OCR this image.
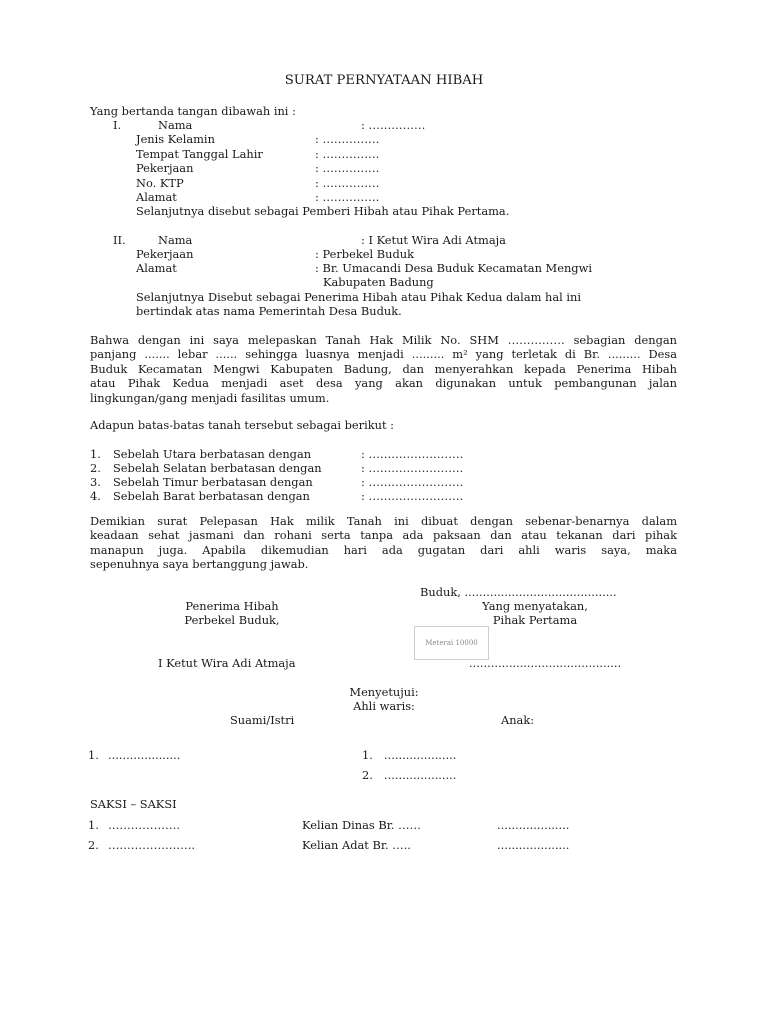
SURAT PERNYATAAN HIBAH
Yang bertanda tangan dibawah ini :
I.	Nama	: ……………
Jenis Kelamin	: ……………
Tempat Tanggal Lahir	: ……………
Pekerjaan	: ……………
No. KTP	: ……………
Alamat	: ……………
Selanjutnya disebut sebagai Pemberi Hibah atau Pihak Pertama.
II.	Nama	: I Ketut Wira Adi Atmaja
Pekerjaan	: Perbekel Buduk
Alamat	: Br. Umacandi Desa Buduk Kecamatan Mengwi
Kabupaten Badung
Selanjutnya Disebut sebagai Penerima Hibah atau Pihak Kedua dalam hal ini
bertindak atas nama Pemerintah Desa Buduk.
Bahwa dengan ini saya melepaskan Tanah Hak Milik No. SHM …………… sebagian dengan
panjang ....... lebar ...... sehingga luasnya menjadi ......... m² yang terletak di Br. ......... Desa
Buduk Kecamatan Mengwi Kabupaten Badung, dan menyerahkan kepada Penerima Hibah
atau Pihak Kedua menjadi aset desa yang akan digunakan untuk pembangunan jalan
lingkungan/gang menjadi fasilitas umum.
Adapun batas-batas tanah tersebut sebagai berikut :
1. Sebelah Utara berbatasan dengan	: …………………….
2. Sebelah Selatan berbatasan dengan	: …………………….
3. Sebelah Timur berbatasan dengan	: …………………….
4. Sebelah Barat berbatasan dengan	: …………………….
Demikian surat Pelepasan Hak milik Tanah ini dibuat dengan sebenar-benarnya dalam
keadaan sehat jasmani dan rohani serta tanpa ada paksaan dan atau tekanan dari pihak
manapun juga. Apabila dikemudian hari ada gugatan dari ahli waris saya, maka
sepenuhnya saya bertanggung jawab.
Buduk, ..........................................
Penerima Hibah
Perbekel Buduk,
Yang menyatakan,
Pihak Pertama
Meterai 10000
I Ketut Wira Adi Atmaja	..........................................
Menyetujui:
Ahli waris:
Suami/Istri	Anak:
1. ....................	1. ....................
2. ....................
SAKSI – SAKSI
1. ……………….	Kelian Dinas Br. ……	....................
2. …………………..	Kelian Adat Br. …..	....................
